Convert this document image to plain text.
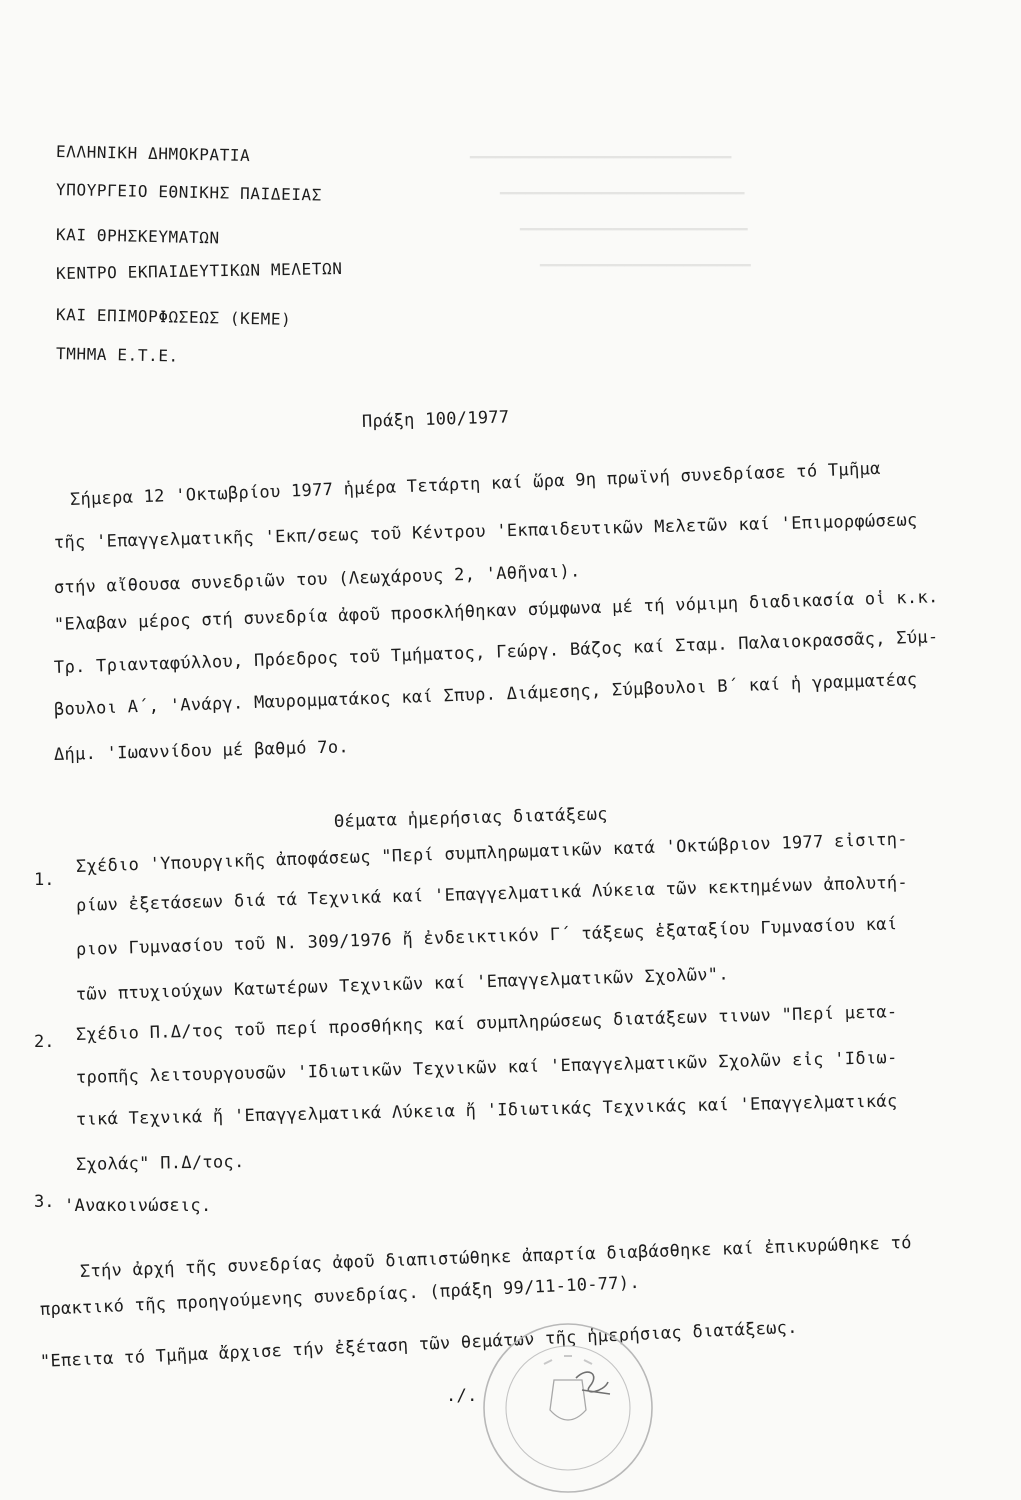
━━━━━━━━━━━━━━━━━━━━━━━━━━━━━━━
━━━━━━━━━━━━━━━━━━━━━━━━━━━━━
━━━━━━━━━━━━━━━━━━━━━━━━━━━
━━━━━━━━━━━━━━━━━━━━━━━━━
ΕΛΛΗΝΙΚΗ ΔΗΜΟΚΡΑΤΙΑ
ΥΠΟΥΡΓΕΙΟ ΕΘΝΙΚΗΣ ΠΑΙΔΕΙΑΣ
ΚΑΙ ΘΡΗΣΚΕΥΜΑΤΩΝ
ΚΕΝΤΡΟ ΕΚΠΑΙΔΕΥΤΙΚΩΝ ΜΕΛΕΤΩΝ
ΚΑΙ ΕΠΙΜΟΡΦΩΣΕΩΣ (ΚΕΜΕ)
ΤΜΗΜΑ Ε.Τ.Ε.
Πράξη 100/1977
Σήμερα 12 'Οκτωβρίου 1977 ἡμέρα Τετάρτη καί ὥρα 9η πρωϊνή συνεδρίασε τό Τμῆμα
τῆς 'Επαγγελματικῆς 'Εκπ/σεως τοῦ Κέντρου 'Εκπαιδευτικῶν Μελετῶν καί 'Επιμορφώσεως
στήν αἴθουσα συνεδριῶν του (Λεωχάρους 2, 'Αθῆναι).
"Ελαβαν μέρος στή συνεδρία ἀφοῦ προσκλήθηκαν σύμφωνα μέ τή νόμιμη διαδικασία οἱ κ.κ.
Τρ. Τριανταφύλλου, Πρόεδρος τοῦ Τμήματος, Γεώργ. Βάζος καί Σταμ. Παλαιοκρασσᾶς, Σύμ-
βουλοι Α΄, 'Ανάργ. Μαυρομματάκος καί Σπυρ. Διάμεσης, Σύμβουλοι Β΄ καί ἡ γραμματέας
Δήμ. 'Ιωαννίδου μέ βαθμό 7ο.
Θέματα ἡμερήσιας διατάξεως
1.
Σχέδιο 'Υπουργικῆς ἀποφάσεως "Περί συμπληρωματικῶν κατά 'Οκτώβριον 1977 εἰσιτη-
ρίων ἐξετάσεων διά τά Τεχνικά καί 'Επαγγελματικά Λύκεια τῶν κεκτημένων ἀπολυτή-
ριον Γυμνασίου τοῦ Ν. 309/1976 ἤ ἐνδεικτικόν Γ΄ τάξεως ἑξαταξίου Γυμνασίου καί
τῶν πτυχιούχων Κατωτέρων Τεχνικῶν καί 'Επαγγελματικῶν Σχολῶν".
2. Σχέδιο Π.Δ/τος τοῦ περί προσθήκης καί συμπληρώσεως διατάξεων τινων "Περί μετα-
τροπῆς λειτουργουσῶν 'Ιδιωτικῶν Τεχνικῶν καί 'Επαγγελματικῶν Σχολῶν εἰς 'Ιδιω-
τικά Τεχνικά ἤ 'Επαγγελματικά Λύκεια ἤ 'Ιδιωτικάς Τεχνικάς καί 'Επαγγελματικάς
Σχολάς" Π.Δ/τος.
3. 'Ανακοινώσεις.
Στήν ἀρχή τῆς συνεδρίας ἀφοῦ διαπιστώθηκε ἀπαρτία διαβάσθηκε καί ἐπικυρώθηκε τό
πρακτικό τῆς προηγούμενης συνεδρίας. (πράξη 99/11-10-77).
"Επειτα τό Τμῆμα ἄρχισε τήν ἐξέταση τῶν θεμάτων τῆς ἡμερήσιας διατάξεως.
./.
